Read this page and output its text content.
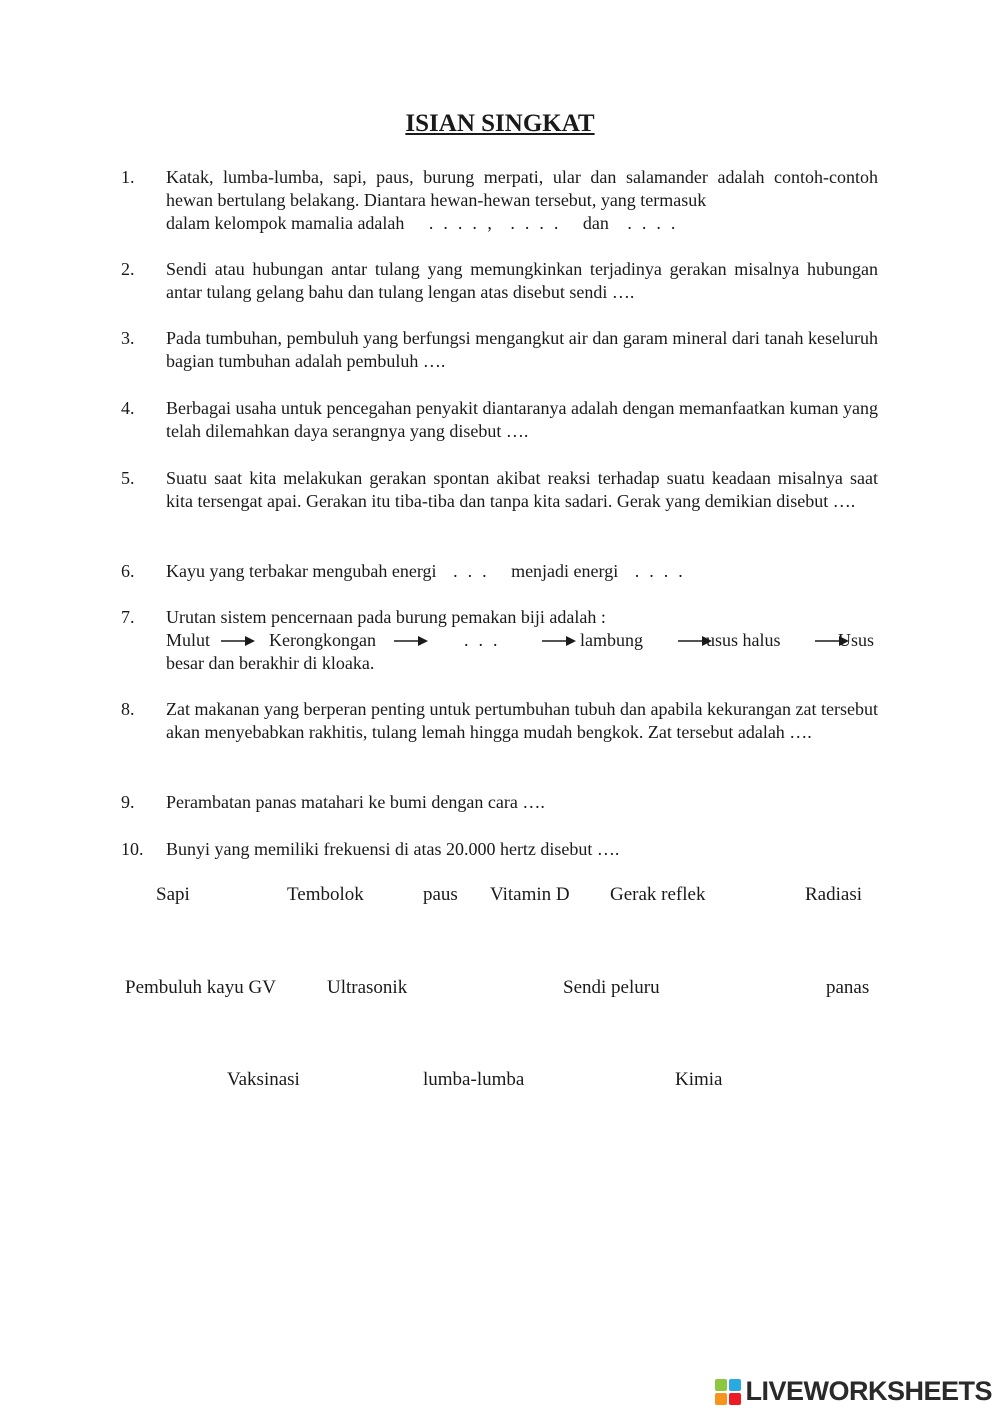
ISIAN SINGKAT
1. Katak, lumba-lumba, sapi, paus, burung merpati, ular dan salamander adalah contoh-contoh hewan bertulang belakang. Diantara hewan-hewan tersebut, yang termasuk
dalam kelompok mamalia adalah .... , .... dan ....
2. Sendi atau hubungan antar tulang yang memungkinkan terjadinya gerakan misalnya hubungan antar tulang gelang bahu dan tulang lengan atas disebut sendi ….
3. Pada tumbuhan, pembuluh yang berfungsi mengangkut air dan garam mineral dari tanah keseluruh bagian tumbuhan adalah pembuluh ….
4. Berbagai usaha untuk pencegahan penyakit diantaranya adalah dengan memanfaatkan kuman yang telah dilemahkan daya serangnya yang disebut ….
5. Suatu saat kita melakukan gerakan spontan akibat reaksi terhadap suatu keadaan misalnya saat kita tersengat apai. Gerakan itu tiba-tiba dan tanpa kita sadari. Gerak yang demikian disebut ….
6. Kayu yang terbakar mengubah energi ... menjadi energi ....
7. Urutan sistem pencernaan pada burung pemakan biji adalah :
Mulut	Kerongkongan	...	lambung	usus halus	Usus
besar dan berakhir di kloaka.
8. Zat makanan yang berperan penting untuk pertumbuhan tubuh dan apabila kekurangan zat tersebut akan menyebabkan rakhitis, tulang lemah hingga mudah bengkok. Zat tersebut adalah ….
9. Perambatan panas matahari ke bumi dengan cara ….
10. Bunyi yang memiliki frekuensi di atas 20.000 hertz disebut ….
Sapi	Tembolok	paus Vitamin D Gerak reflek	Radiasi
Pembuluh kayu GV	Ultrasonik	Sendi peluru	panas
Vaksinasi	lumba-lumba	Kimia
LIVEWORKSHEETS
